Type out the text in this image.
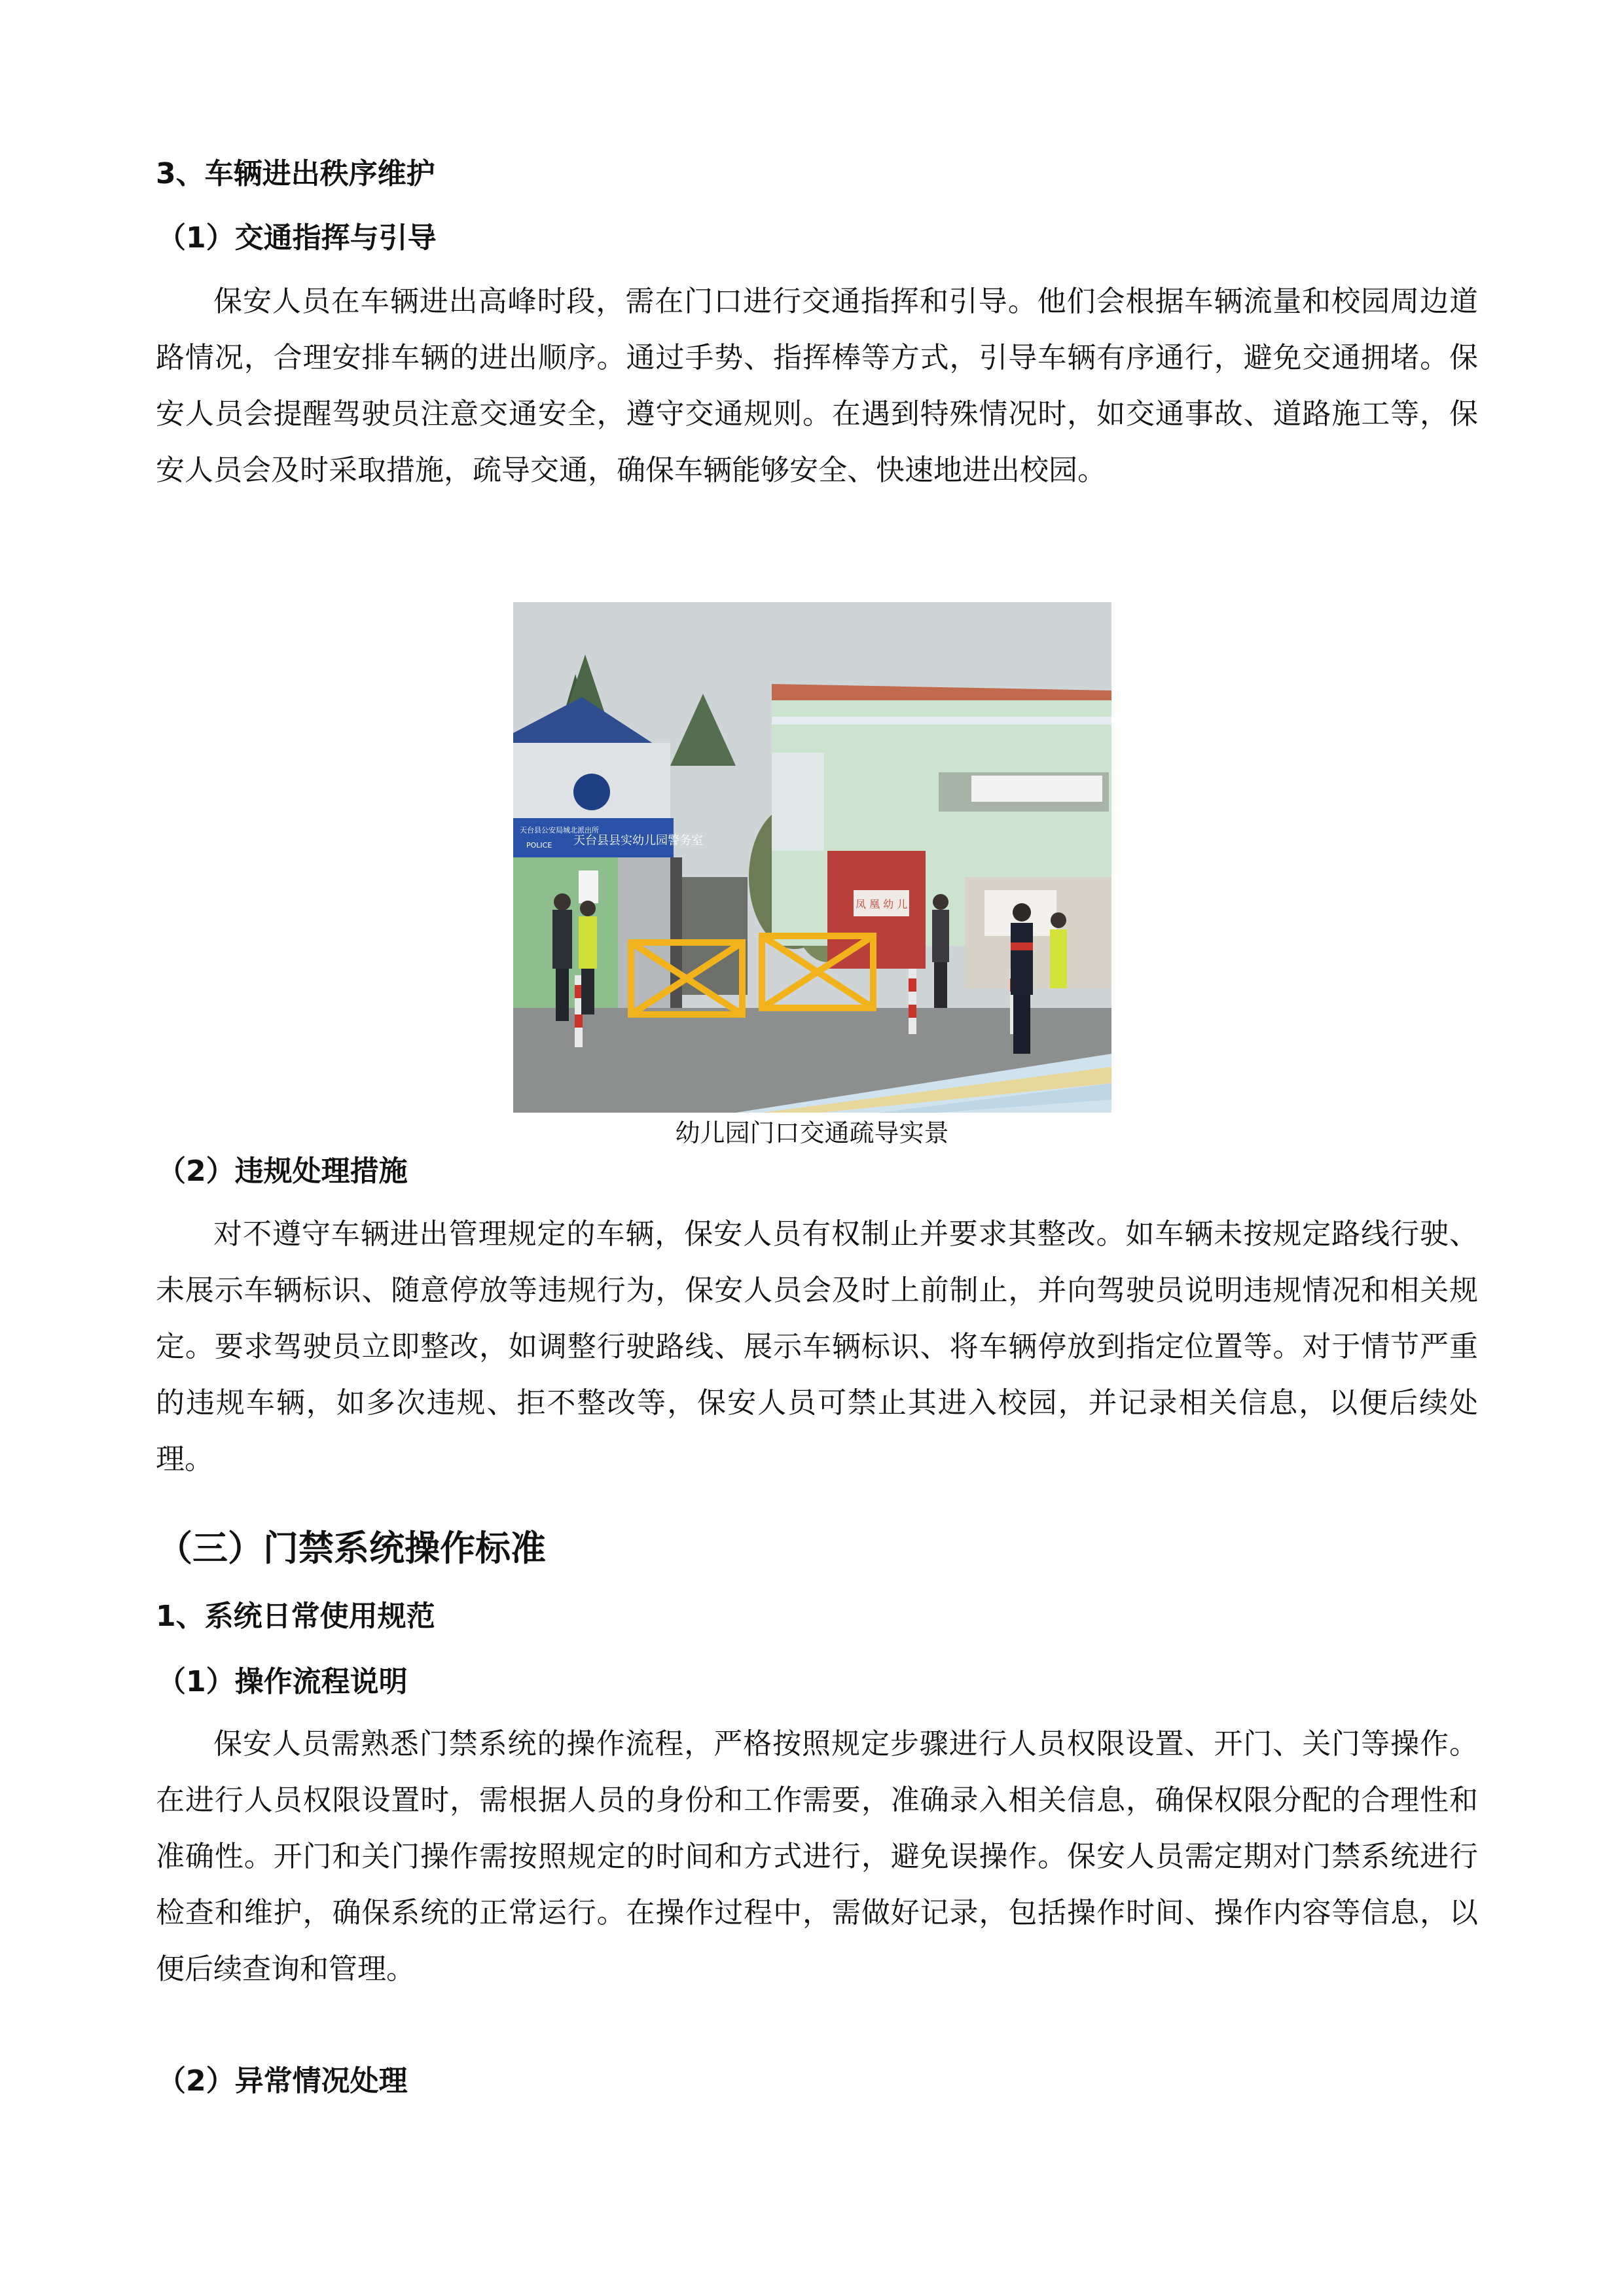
3、车辆进出秩序维护
（1）交通指挥与引导

保安人员在车辆进出高峰时段，需在门口进行交通指挥和引导。他们会根据车辆流量和校园周边道路情况，合理安排车辆的进出顺序。通过手势、指挥棒等方式，引导车辆有序通行，避免交通拥堵。保安人员会提醒驾驶员注意交通安全，遵守交通规则。在遇到特殊情况时，如交通事故、道路施工等，保安人员会及时采取措施，疏导交通，确保车辆能够安全、快速地进出校园。

天台县公安局城北派出所
POLICE 天台县县实幼儿园警务室
凤 凰 幼 儿
幼儿园门口交通疏导实景
（2）违规处理措施

对不遵守车辆进出管理规定的车辆，保安人员有权制止并要求其整改。如车辆未按规定路线行驶、未展示车辆标识、随意停放等违规行为，保安人员会及时上前制止，并向驾驶员说明违规情况和相关规定。要求驾驶员立即整改，如调整行驶路线、展示车辆标识、将车辆停放到指定位置等。对于情节严重的违规车辆，如多次违规、拒不整改等，保安人员可禁止其进入校园，并记录相关信息，以便后续处理。

（三）门禁系统操作标准
1、系统日常使用规范
（1）操作流程说明

保安人员需熟悉门禁系统的操作流程，严格按照规定步骤进行人员权限设置、开门、关门等操作。在进行人员权限设置时，需根据人员的身份和工作需要，准确录入相关信息，确保权限分配的合理性和准确性。开门和关门操作需按照规定的时间和方式进行，避免误操作。保安人员需定期对门禁系统进行检查和维护，确保系统的正常运行。在操作过程中，需做好记录，包括操作时间、操作内容等信息，以便后续查询和管理。

（2）异常情况处理
